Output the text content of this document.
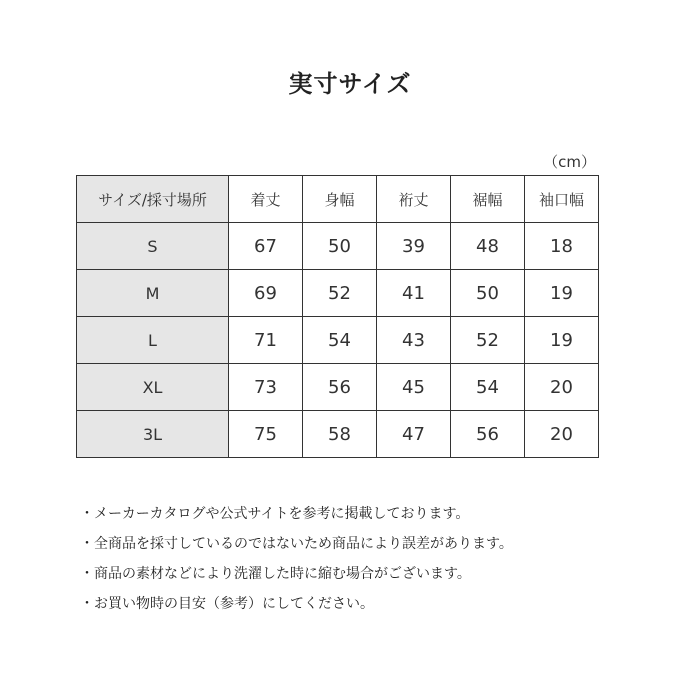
実寸サイズ
（cm）
サイズ/採寸場所	着丈	身幅	裄丈	裾幅	袖口幅
S	67	50	39	48	18
M	69	52	41	50	19
L	71	54	43	52	19
XL	73	56	45	54	20
3L	75	58	47	56	20
・メーカーカタログや公式サイトを参考に掲載しております。
・全商品を採寸しているのではないため商品により誤差があります。
・商品の素材などにより洗濯した時に縮む場合がございます。
・お買い物時の目安（参考）にしてください。
